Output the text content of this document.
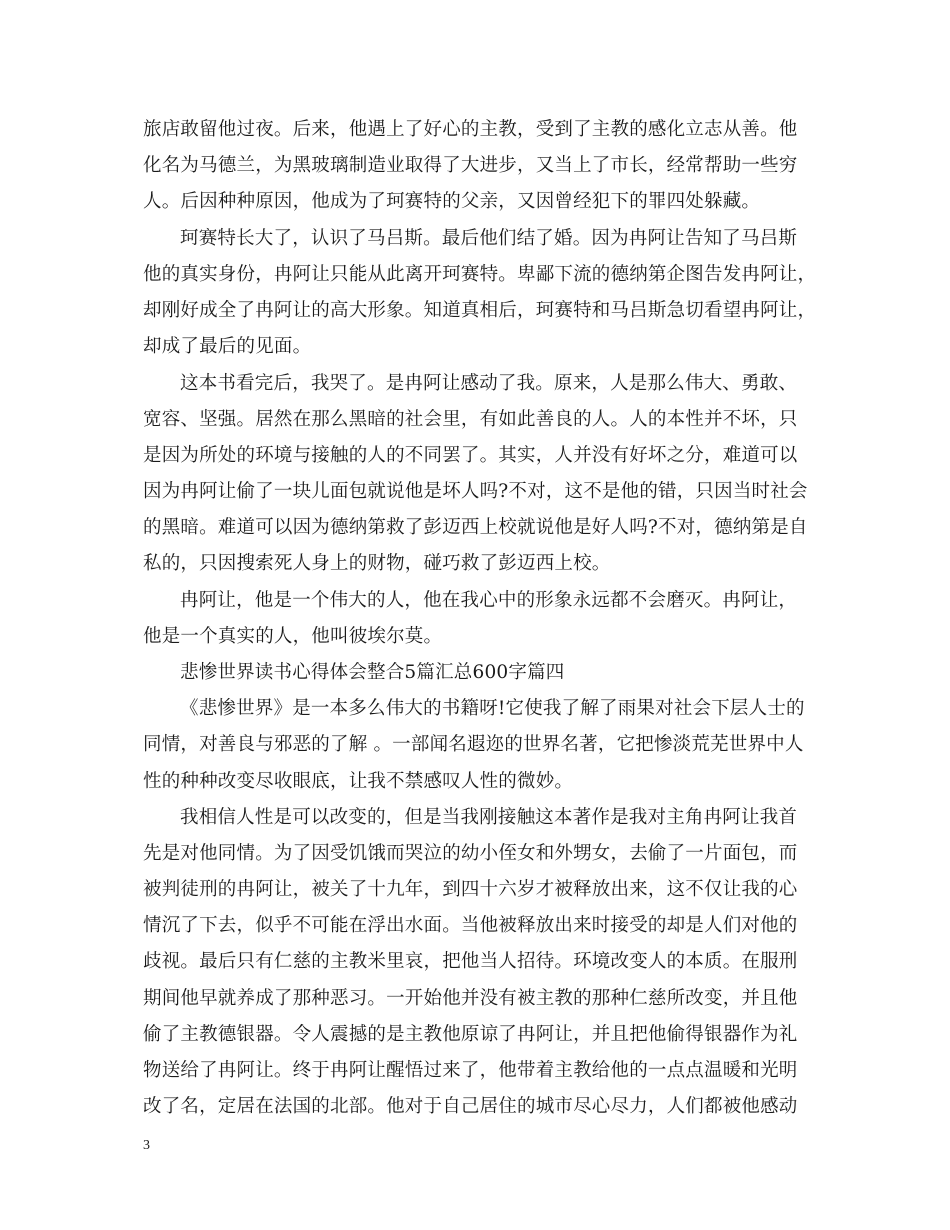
旅店敢留他过夜。后来，他遇上了好心的主教，受到了主教的感化立志从善。他
化名为马德兰，为黑玻璃制造业取得了大进步，又当上了市长，经常帮助一些穷
人。后因种种原因，他成为了珂赛特的父亲，又因曾经犯下的罪四处躲藏。
珂赛特长大了，认识了马吕斯。最后他们结了婚。因为冉阿让告知了马吕斯
他的真实身份，冉阿让只能从此离开珂赛特。卑鄙下流的德纳第企图告发冉阿让，
却刚好成全了冉阿让的高大形象。知道真相后，珂赛特和马吕斯急切看望冉阿让，
却成了最后的见面。
这本书看完后，我哭了。是冉阿让感动了我。原来，人是那么伟大、勇敢、
宽容、坚强。居然在那么黑暗的社会里，有如此善良的人。人的本性并不坏，只
是因为所处的环境与接触的人的不同罢了。其实，人并没有好坏之分，难道可以
因为冉阿让偷了一块儿面包就说他是坏人吗?不对，这不是他的错，只因当时社会
的黑暗。难道可以因为德纳第救了彭迈西上校就说他是好人吗?不对，德纳第是自
私的，只因搜索死人身上的财物，碰巧救了彭迈西上校。
冉阿让，他是一个伟大的人，他在我心中的形象永远都不会磨灭。冉阿让，
他是一个真实的人，他叫彼埃尔莫。
悲惨世界读书心得体会整合5篇汇总600字篇四
《悲惨世界》是一本多么伟大的书籍呀!它使我了解了雨果对社会下层人士的
同情，对善良与邪恶的了解 。一部闻名遐迩的世界名著，它把惨淡荒芜世界中人
性的种种改变尽收眼底，让我不禁感叹人性的微妙。
我相信人性是可以改变的，但是当我刚接触这本著作是我对主角冉阿让我首
先是对他同情。为了因受饥饿而哭泣的幼小侄女和外甥女，去偷了一片面包，而
被判徒刑的冉阿让，被关了十九年，到四十六岁才被释放出来，这不仅让我的心
情沉了下去，似乎不可能在浮出水面。当他被释放出来时接受的却是人们对他的
歧视。最后只有仁慈的主教米里哀，把他当人招待。环境改变人的本质。在服刑
期间他早就养成了那种恶习。一开始他并没有被主教的那种仁慈所改变，并且他
偷了主教德银器。令人震撼的是主教他原谅了冉阿让，并且把他偷得银器作为礼
物送给了冉阿让。终于冉阿让醒悟过来了，他带着主教给他的一点点温暖和光明
改了名，定居在法国的北部。他对于自己居住的城市尽心尽力，人们都被他感动
3
